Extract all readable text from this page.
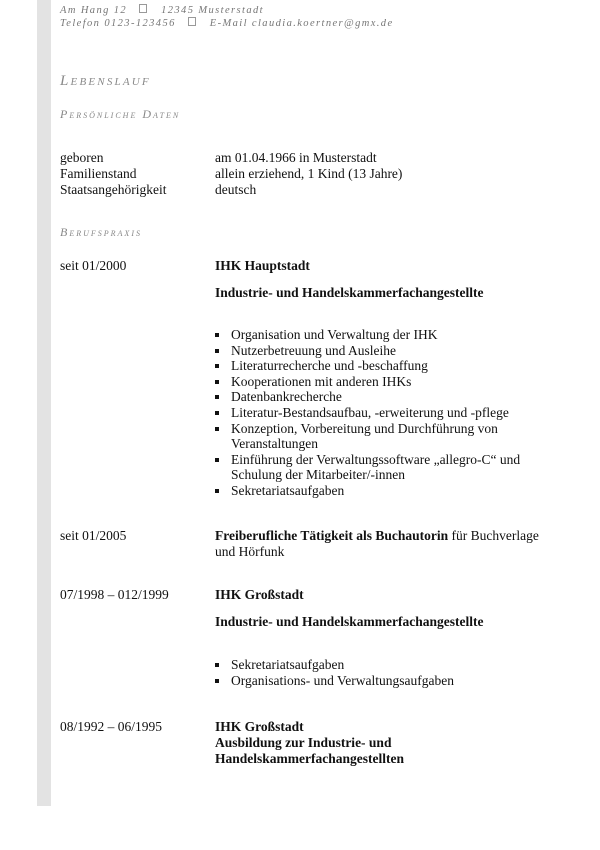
Am Hang 12	12345 Musterstadt
Telefon 0123-123456	E-Mail claudia.koertner@gmx.de
Lebenslauf
Persönliche Daten
geboren	am 01.04.1966 in Musterstadt
Familienstand	allein erziehend, 1 Kind (13 Jahre)
Staatsangehörigkeit	deutsch
Berufspraxis
seit 01/2000	IHK Hauptstadt
Industrie- und Handelskammerfachangestellte
Organisation und Verwaltung der IHK
Nutzerbetreuung und Ausleihe
Literaturrecherche und -beschaffung
Kooperationen mit anderen IHKs
Datenbankrecherche
Literatur-Bestandsaufbau, -erweiterung und -pflege
Konzeption, Vorbereitung und Durchführung von Veranstaltungen
Einführung der Verwaltungssoftware „allegro-C“ und Schulung der Mitarbeiter/-innen
Sekretariatsaufgaben
seit 01/2005	Freiberufliche Tätigkeit als Buchautorin für Buchverlage und Hörfunk
07/1998 – 012/1999	IHK Großstadt
Industrie- und Handelskammerfachangestellte
Sekretariatsaufgaben
Organisations- und Verwaltungsaufgaben
08/1992 – 06/1995	IHK Großstadt
Ausbildung zur Industrie- und Handelskammerfachangestellten
